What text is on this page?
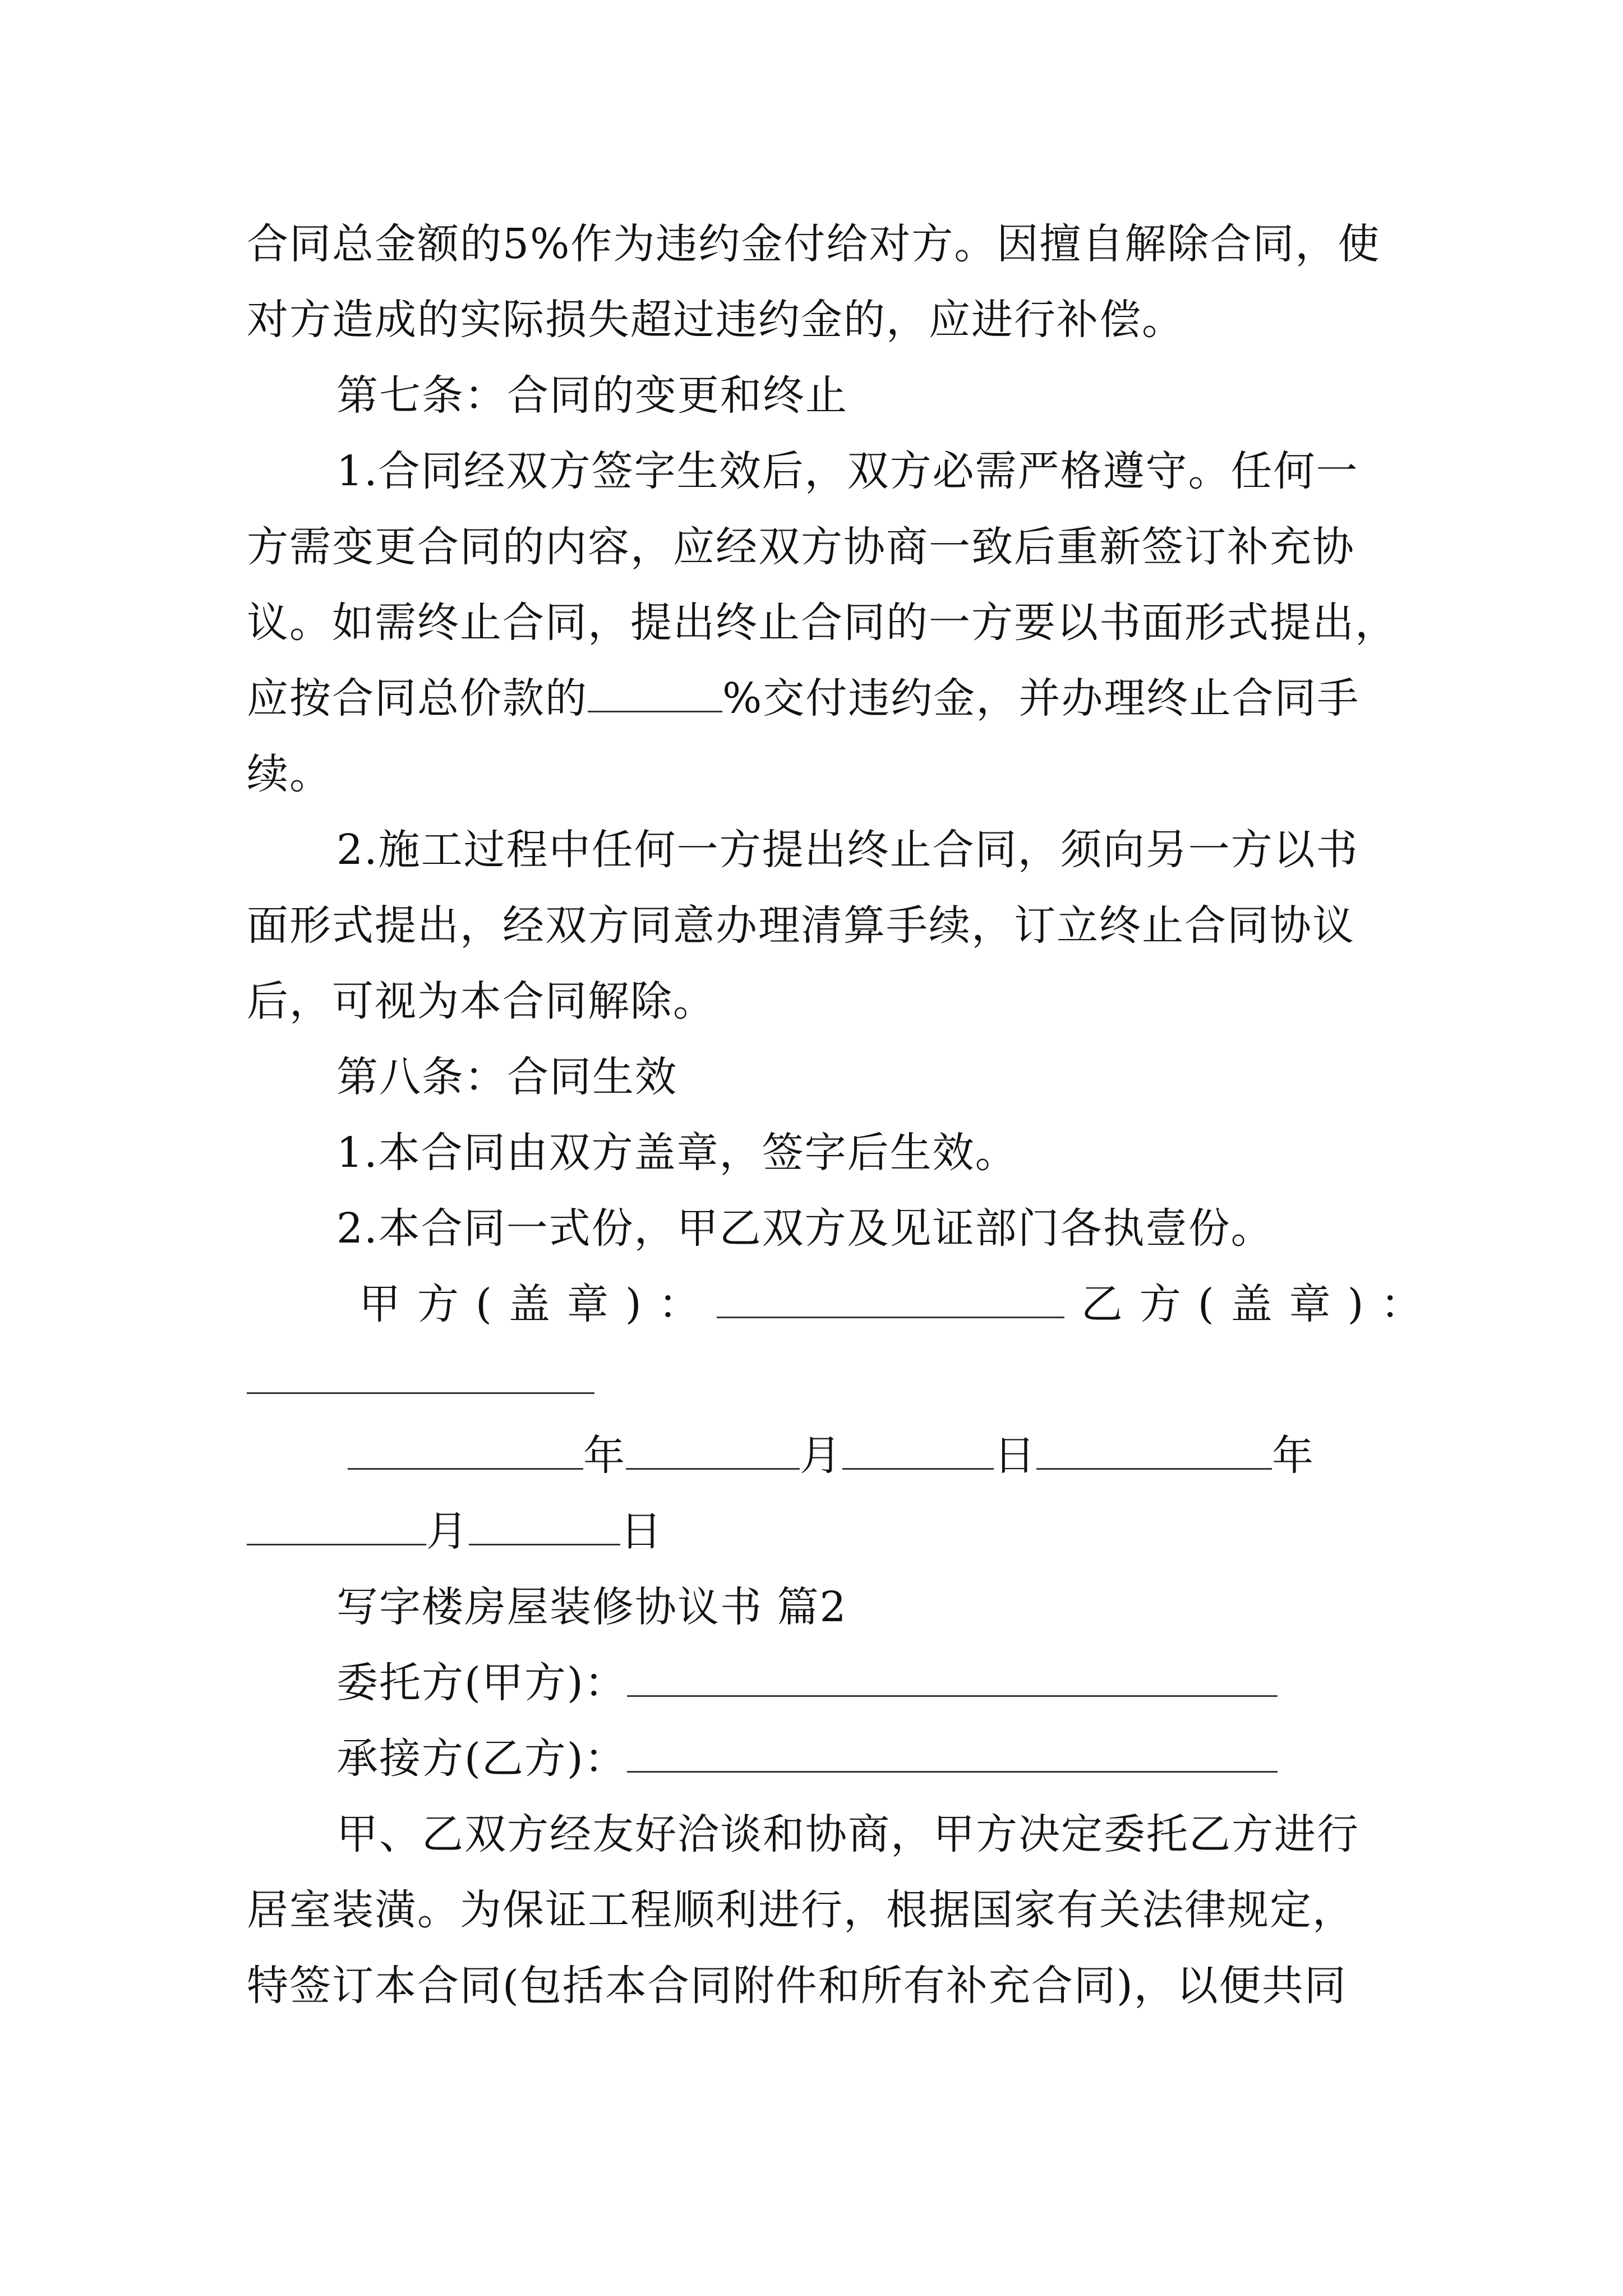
合同总金额的5%作为违约金付给对方。因擅自解除合同，使
对方造成的实际损失超过违约金的，应进行补偿。
第七条：合同的变更和终止
1.合同经双方签字生效后，双方必需严格遵守。任何一
方需变更合同的内容，应经双方协商一致后重新签订补充协
议。如需终止合同，提出终止合同的一方要以书面形式提出，
应按合同总价款的	%交付违约金，并办理终止合同手
续。
2.施工过程中任何一方提出终止合同，须向另一方以书
面形式提出，经双方同意办理清算手续，订立终止合同协议
后，可视为本合同解除。
第八条：合同生效
1.本合同由双方盖章，签字后生效。
2.本合同一式份，甲乙双方及见证部门各执壹份。
甲方(盖章)：	乙方(盖章)：
年	月	日	年
月	日
写字楼房屋装修协议书 篇2
委托方(甲方)：
承接方(乙方)：
甲、乙双方经友好洽谈和协商，甲方决定委托乙方进行
居室装潢。为保证工程顺利进行，根据国家有关法律规定，
特签订本合同(包括本合同附件和所有补充合同)，以便共同
